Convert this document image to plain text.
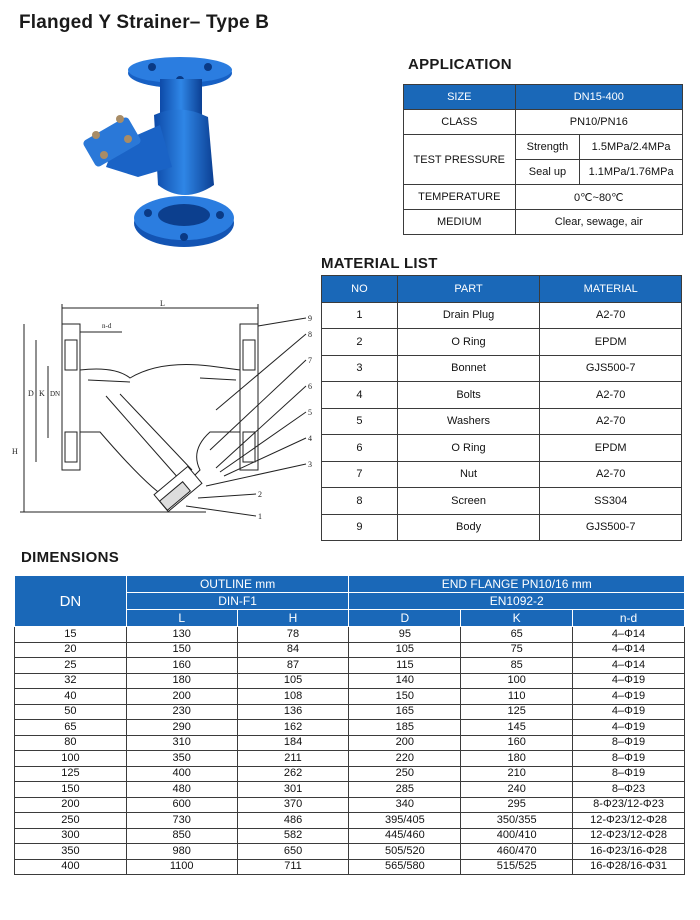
Flanged Y Strainer– Type B
APPLICATION
SIZE	DN15-400	
CLASS	PN10/PN16	
TEST PRESSURE	Strength	1.5MPa/2.4MPa
	Seal up	1.1MPa/1.76MPa
TEMPERATURE	0℃~80℃	
MEDIUM	Clear, sewage, air	
MATERIAL LIST
NO	PART	MATERIAL
1	Drain Plug	A2-70
2	O Ring	EPDM
3	Bonnet	GJS500-7
4	Bolts	A2-70
5	Washers	A2-70
6	O Ring	EPDM
7	Nut	A2-70
8	Screen	SS304
9	Body	GJS500-7
L
H
D K DN
n-d
9
8
7
6
5
4
3
2
1
DIMENSIONS
DN	OUTLINE mm		END FLANGE PN10/16 mm		
	DIN-F1		EN1092-2		
	L	H	D	K	n-d
15	130	78	95	65	4–Φ14
20	150	84	105	75	4–Φ14
25	160	87	115	85	4–Φ14
32	180	105	140	100	4–Φ19
40	200	108	150	110	4–Φ19
50	230	136	165	125	4–Φ19
65	290	162	185	145	4–Φ19
80	310	184	200	160	8–Φ19
100	350	211	220	180	8–Φ19
125	400	262	250	210	8–Φ19
150	480	301	285	240	8–Φ23
200	600	370	340	295	8-Φ23/12-Φ23
250	730	486	395/405	350/355	12-Φ23/12-Φ28
300	850	582	445/460	400/410	12-Φ23/12-Φ28
350	980	650	505/520	460/470	16-Φ23/16-Φ28
400	1100	711	565/580	515/525	16-Φ28/16-Φ31
